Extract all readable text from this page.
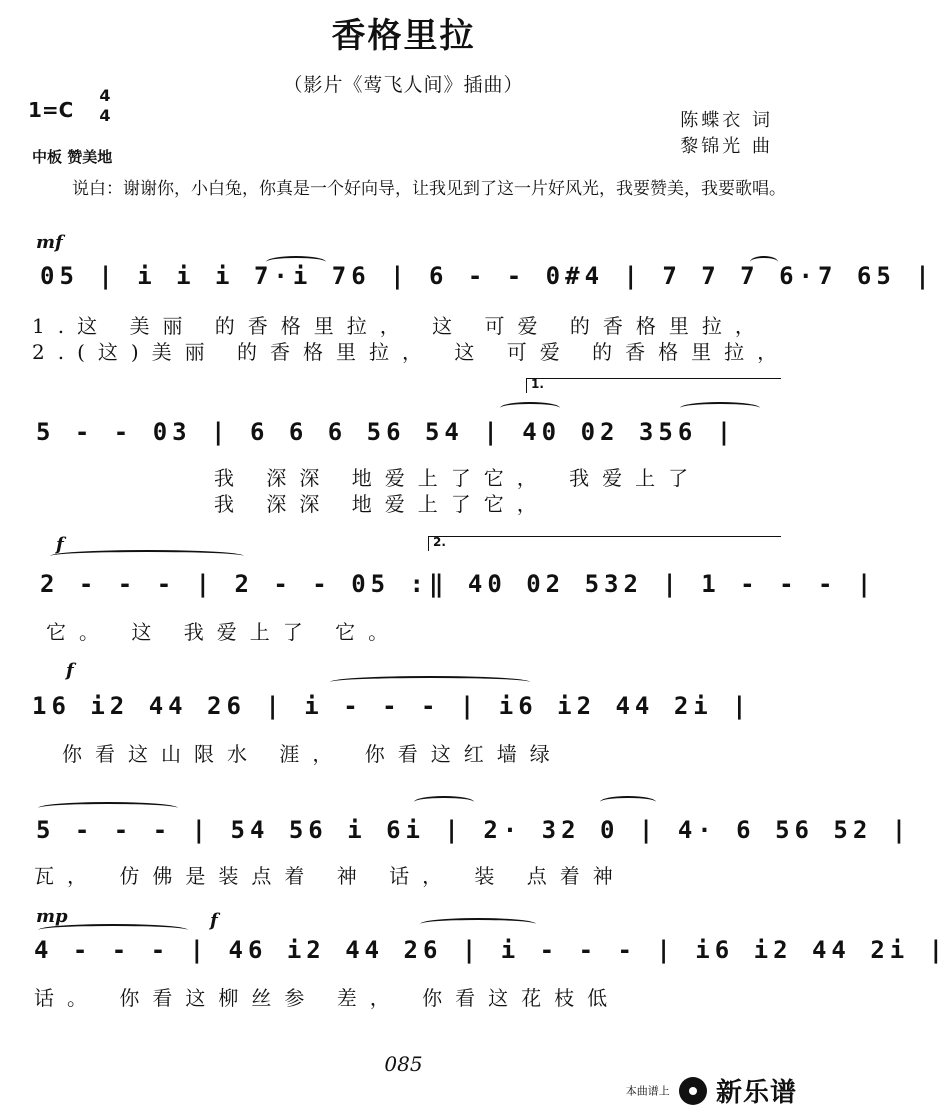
香格里拉
（影片《莺飞人间》插曲）
1=C
4
4
中板 赞美地
陈蝶衣 词
黎锦光 曲
说白：谢谢你，小白兔，你真是一个好向导，让我见到了这一片好风光，我要赞美，我要歌唱。
mf
05 | i i i 7·i 76 | 6 - - 0#4 | 7 7 7 6·7 65 |
1.这 美丽 的香格里拉， 这 可爱 的香格里拉，
2.(这)美丽 的香格里拉， 这 可爱 的香格里拉，
1.
5 - - 03 | 6 6 6 56 54 | 40 02 356 |
我 深深 地爱上了它， 我爱上了
我 深深 地爱上了它，
f	2.
2 - - - | 2 - - 05 :‖ 40 02 532 | 1 - - - |
它。 这 我爱上了 它。
f
16 i2 44 26 | i - - - | i6 i2 44 2i |
你看这山限水 涯， 你看这红墙绿
5 - - - | 54 56 i 6i | 2· 32 0 | 4· 6 56 52 |
瓦， 仿佛是装点着 神 话， 装 点着神
mp	f
4 - - - | 46 i2 44 26 | i - - - | i6 i2 44 2i |
话。 你看这柳丝参 差， 你看这花枝低
085
本曲谱上 新乐谱
